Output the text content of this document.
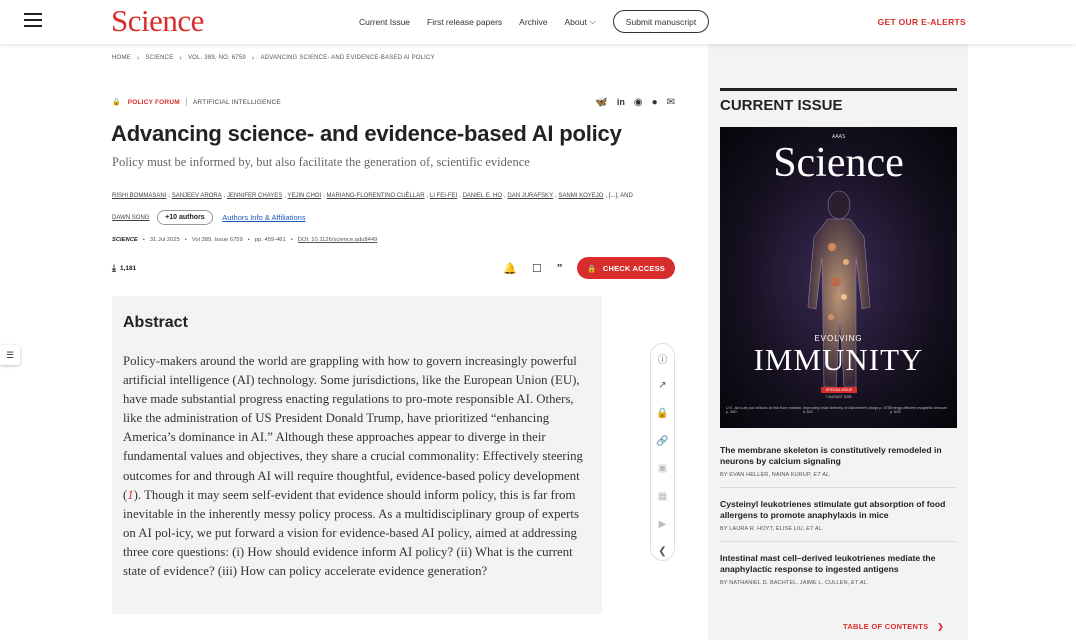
Science	Current Issue First release papers Archive About ⌵	Submit manuscript	GET OUR E-ALERTS
HOME › SCIENCE › VOL. 389, NO. 6759 › ADVANCING SCIENCE- AND EVIDENCE-BASED AI POLICY
☰
🔒 POLICY FORUM ARTIFICIAL INTELLIGENCE	🦋 in ◉ ● ✉
Advancing science- and evidence-based AI policy
Policy must be informed by, but also facilitate the generation of, scientific evidence
RISHI BOMMASANI , SANJEEV ARORA , JENNIFER CHAYES , YEJIN CHOI , MARIANO-FLORENTINO CUÉLLAR , LI FEI-FEI , DANIEL E. HO , DAN JURAFSKY , SANMI KOYEJO , [...], AND
DAWN SONG +10 authors Authors Info & Affiliations
SCIENCE • 31 Jul 2025 • Vol 389, Issue 6759 • pp. 459-461 • DOI: 10.1126/science.adu8449
⤓ 1,181	🔔 ☐ ”	🔒 CHECK ACCESS
Abstract

Policy-makers around the world are grappling with how to govern increasingly powerful artificial intelligence (AI) technology. Some jurisdictions, like the European Union (EU), have made substantial progress enacting regulations to pro-mote responsible AI. Others, like the administration of US President Donald Trump, have prioritized “enhancing America’s dominance in AI.” Although these approaches appear to diverge in their fundamental values and objectives, they share a crucial commonality: Effectively steering outcomes for and through AI will require thoughtful, evidence-based policy development (1). Though it may seem self-evident that evidence should inform policy, this is far from inevitable in the inherently messy policy process. As a multidisciplinary group of experts on AI pol-icy, we put forward a vision for evidence-based AI policy, aimed at addressing three core questions: (i) How should evidence inform AI policy? (ii) What is the current state of evidence? (iii) How can policy accelerate evidence generation?

ⓘ
↗
🔒
🔗
▣
▦
▶
❮
CURRENT ISSUE
AAAS
Science
EVOLVING
IMMUNITY
SPECIAL ISSUE
7 AUGUST 2025
U.S. aid cuts put millions at risk from malaria p. 580
Improving brain delivery of Alzheimer's drugs p. 575 & 622
Energy-efficient magnetic sensors p. 628
The membrane skeleton is constitutively remodeled in neurons by calcium signaling
BY EVAN HELLER, NAINA KURUP, ET AL.
Cysteinyl leukotrienes stimulate gut absorption of food allergens to promote anaphylaxis in mice
BY LAURA R. HOYT, ELISE LIU, ET AL.
Intestinal mast cell–derived leukotrienes mediate the anaphylactic response to ingested antigens
BY NATHANIEL D. BACHTEL, JAIME L. CULLEN, ET AL.
TABLE OF CONTENTS ❯
